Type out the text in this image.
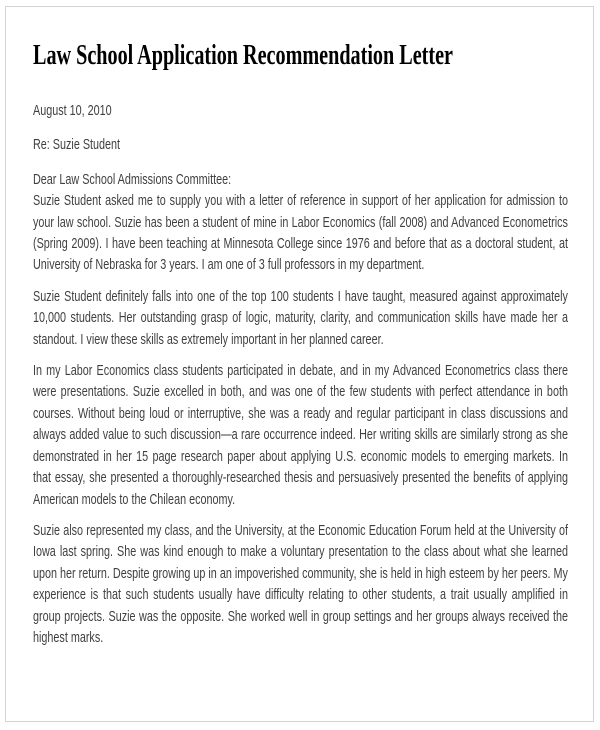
Law School Application Recommendation Letter

August 10, 2010

Re: Suzie Student

Dear Law School Admissions Committee:

Suzie Student asked me to supply you with a letter of reference in support of her application for admission to your law school. Suzie has been a student of mine in Labor Economics (fall 2008) and Advanced Econometrics (Spring 2009). I have been teaching at Minnesota College since 1976 and before that as a doctoral student, at University of Nebraska for 3 years. I am one of 3 full professors in my department.

Suzie Student definitely falls into one of the top 100 students I have taught, measured against approximately 10,000 students. Her outstanding grasp of logic, maturity, clarity, and communication skills have made her a standout. I view these skills as extremely important in her planned career.

In my Labor Economics class students participated in debate, and in my Advanced Econometrics class there were presentations. Suzie excelled in both, and was one of the few students with perfect attendance in both courses. Without being loud or interruptive, she was a ready and regular participant in class discussions and always added value to such discussion—a rare occurrence indeed. Her writing skills are similarly strong as she demonstrated in her 15 page research paper about applying U.S. economic models to emerging markets. In that essay, she presented a thoroughly-researched thesis and persuasively presented the benefits of applying American models to the Chilean economy.

Suzie also represented my class, and the University, at the Economic Education Forum held at the University of Iowa last spring. She was kind enough to make a voluntary presentation to the class about what she learned upon her return. Despite growing up in an impoverished community, she is held in high esteem by her peers. My experience is that such students usually have difficulty relating to other students, a trait usually amplified in group projects. Suzie was the opposite. She worked well in group settings and her groups always received the highest marks.
